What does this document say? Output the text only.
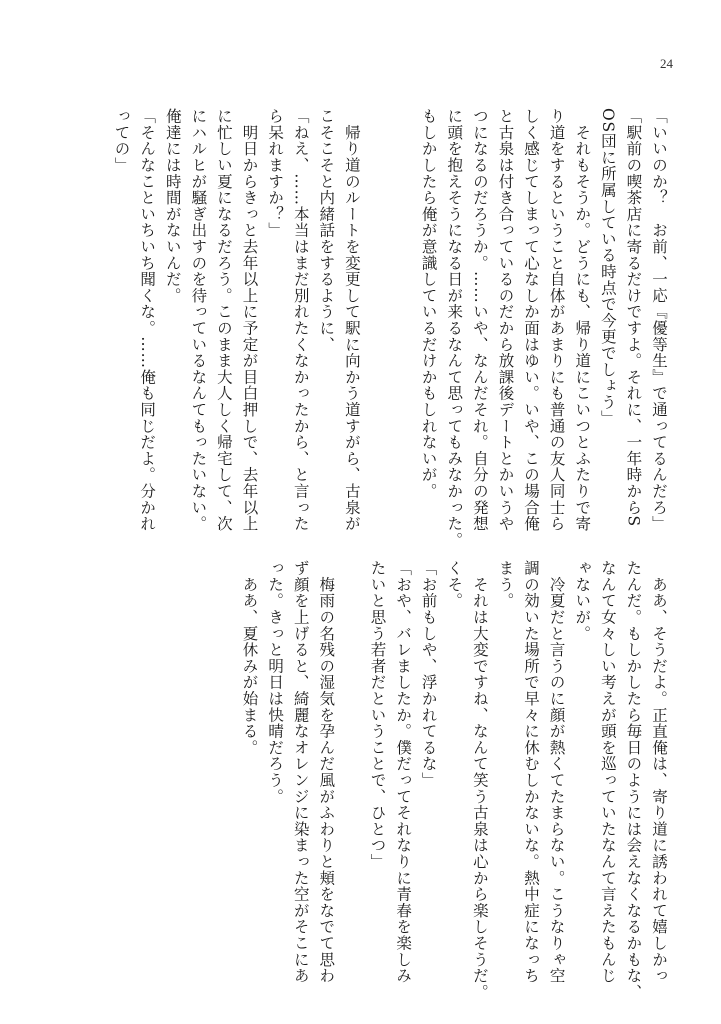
24

「いいのか？　お前、一応『優等生』で通ってるんだろ」

「駅前の喫茶店に寄るだけですよ。それに、一年時からS

OS団に所属している時点で今更でしょう」

　それもそうか。どうにも、帰り道にこいつとふたりで寄

り道をするということ自体があまりにも普通の友人同士ら

しく感じてしまって心なしか面はゆい。いや、この場合俺

と古泉は付き合っているのだから放課後デートとかいうや

つになるのだろうか。……いや、なんだそれ。自分の発想

に頭を抱えそうになる日が来るなんて思ってもみなかった。

もしかしたら俺が意識しているだけかもしれないが。

　帰り道のルートを変更して駅に向かう道すがら、古泉が

こそこそと内緒話をするように、

「ねえ、……本当はまだ別れたくなかったから、と言った

ら呆れますか？」

　明日からきっと去年以上に予定が目白押しで、去年以上

に忙しい夏になるだろう。このまま大人しく帰宅して、次

にハルヒが騒ぎ出すのを待っているなんてもったいない。

俺達には時間がないんだ。

「そんなこといちいち聞くな。……俺も同じだよ。分かれ

っての」

　ああ、そうだよ。正直俺は、寄り道に誘われて嬉しかっ

たんだ。もしかしたら毎日のようには会えなくなるかもな、

なんて女々しい考えが頭を巡っていたなんて言えたもんじ

ゃないが。

　冷夏だと言うのに顔が熱くてたまらない。こうなりゃ空

調の効いた場所で早々に休むしかないな。熱中症になっち

まう。

　それは大変ですね、なんて笑う古泉は心から楽しそうだ。

くそ。

「お前もしや、浮かれてるな」

「おや、バレましたか。僕だってそれなりに青春を楽しみ

たいと思う若者だということで、ひとつ」

　梅雨の名残の湿気を孕んだ風がふわりと頬をなでて思わ

ず顔を上げると、綺麗なオレンジに染まった空がそこにあ

った。きっと明日は快晴だろう。

　ああ、夏休みが始まる。
